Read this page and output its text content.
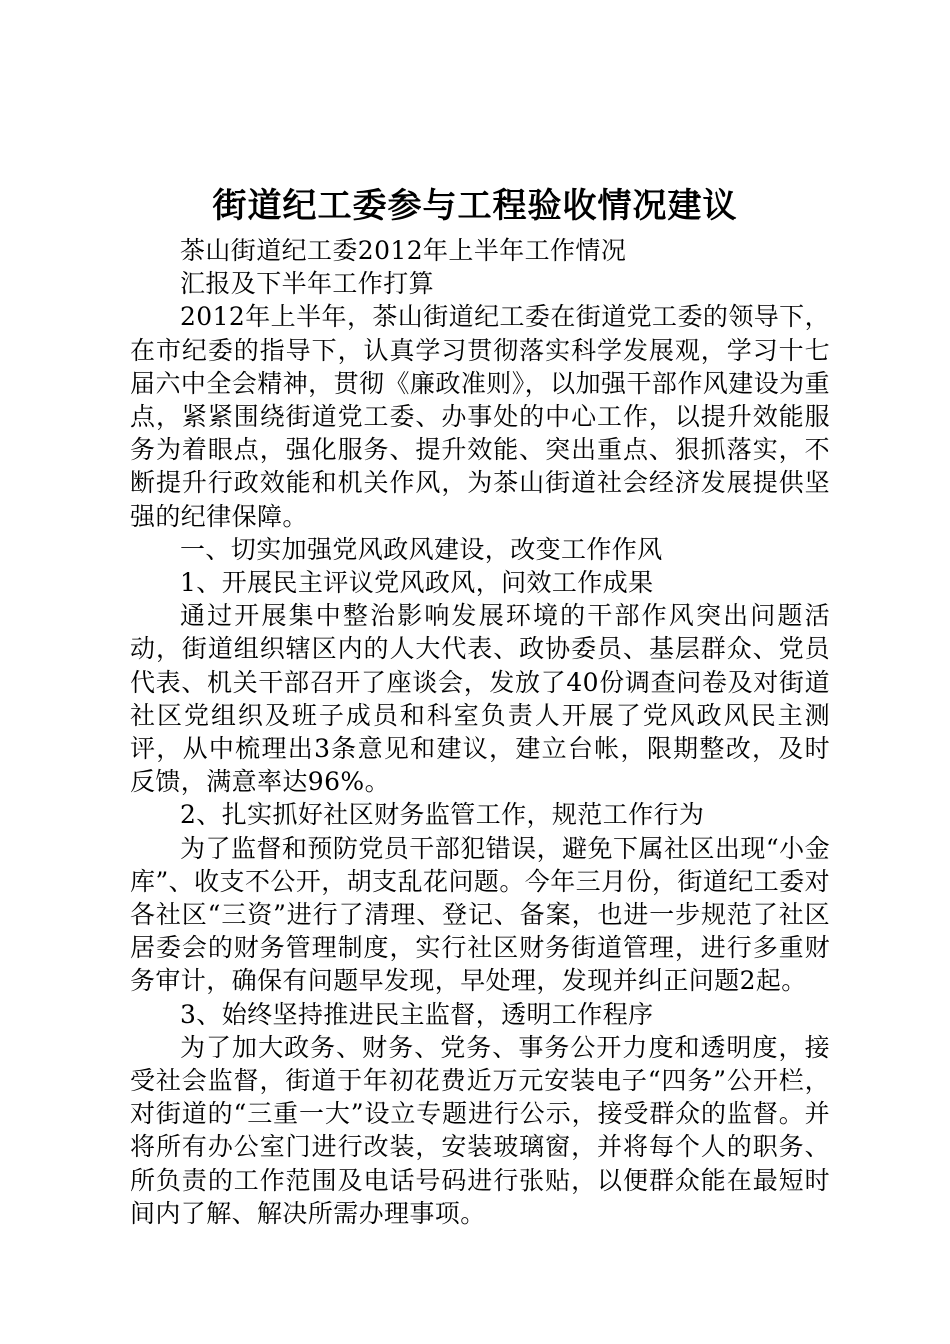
街道纪工委参与工程验收情况建议

茶山街道纪工委2012年上半年工作情况

汇报及下半年工作打算

2012年上半年，茶山街道纪工委在街道党工委的领导下，在市纪委的指导下，认真学习贯彻落实科学发展观，学习十七届六中全会精神，贯彻《廉政准则》，以加强干部作风建设为重点，紧紧围绕街道党工委、办事处的中心工作，以提升效能服务为着眼点，强化服务、提升效能、突出重点、狠抓落实，不断提升行政效能和机关作风，为茶山街道社会经济发展提供坚强的纪律保障。

一、切实加强党风政风建设，改变工作作风

1、开展民主评议党风政风，问效工作成果

通过开展集中整治影响发展环境的干部作风突出问题活动，街道组织辖区内的人大代表、政协委员、基层群众、党员代表、机关干部召开了座谈会，发放了40份调查问卷及对街道社区党组织及班子成员和科室负责人开展了党风政风民主测评，从中梳理出3条意见和建议，建立台帐，限期整改，及时反馈，满意率达96%。

2、扎实抓好社区财务监管工作，规范工作行为

为了监督和预防党员干部犯错误，避免下属社区出现“小金库”、收支不公开，胡支乱花问题。今年三月份，街道纪工委对各社区“三资”进行了清理、登记、备案，也进一步规范了社区居委会的财务管理制度，实行社区财务街道管理，进行多重财务审计，确保有问题早发现，早处理，发现并纠正问题2起。

3、始终坚持推进民主监督，透明工作程序

为了加大政务、财务、党务、事务公开力度和透明度，接受社会监督，街道于年初花费近万元安装电子“四务”公开栏，对街道的“三重一大”设立专题进行公示，接受群众的监督。并将所有办公室门进行改装，安装玻璃窗，并将每个人的职务、所负责的工作范围及电话号码进行张贴，以便群众能在最短时间内了解、解决所需办理事项。
